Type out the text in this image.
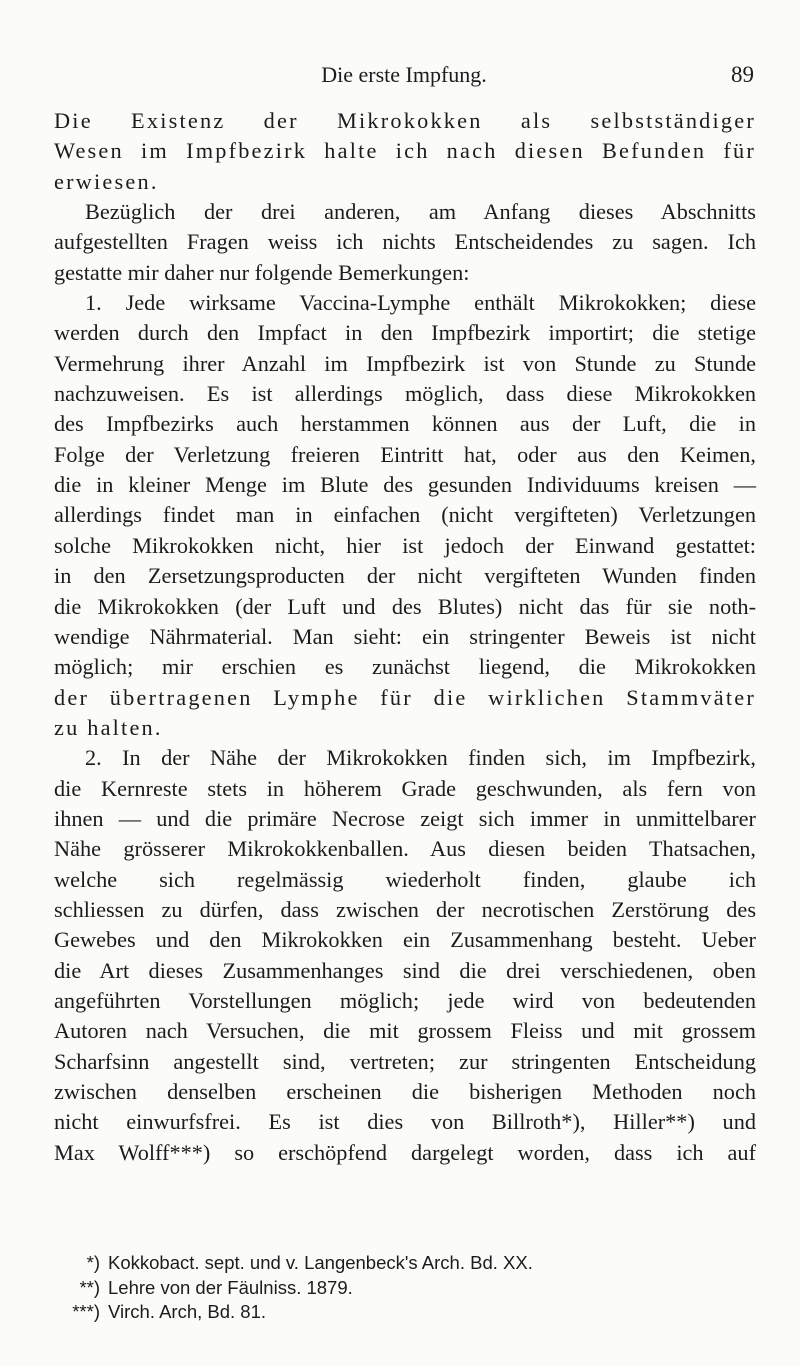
Die erste Impfung.	89
Die Existenz der Mikrokokken als selbstständiger
Wesen im Impfbezirk halte ich nach diesen Befunden für
erwiesen.
Bezüglich der drei anderen, am Anfang dieses Abschnitts
aufgestellten Fragen weiss ich nichts Entscheidendes zu sagen. Ich
gestatte mir daher nur folgende Bemerkungen:
1. Jede wirksame Vaccina-Lymphe enthält Mikrokokken; diese
werden durch den Impfact in den Impfbezirk importirt; die stetige
Vermehrung ihrer Anzahl im Impfbezirk ist von Stunde zu Stunde
nachzuweisen. Es ist allerdings möglich, dass diese Mikrokokken
des Impfbezirks auch herstammen können aus der Luft, die in
Folge der Verletzung freieren Eintritt hat, oder aus den Keimen,
die in kleiner Menge im Blute des gesunden Individuums kreisen —
allerdings findet man in einfachen (nicht vergifteten) Verletzungen
solche Mikrokokken nicht, hier ist jedoch der Einwand gestattet:
in den Zersetzungsproducten der nicht vergifteten Wunden finden
die Mikrokokken (der Luft und des Blutes) nicht das für sie noth-
wendige Nährmaterial. Man sieht: ein stringenter Beweis ist nicht
möglich; mir erschien es zunächst liegend, die Mikrokokken
der übertragenen Lymphe für die wirklichen Stammväter
zu halten.
2. In der Nähe der Mikrokokken finden sich, im Impfbezirk,
die Kernreste stets in höherem Grade geschwunden, als fern von
ihnen — und die primäre Necrose zeigt sich immer in unmittelbarer
Nähe grösserer Mikrokokkenballen. Aus diesen beiden Thatsachen,
welche sich regelmässig wiederholt finden, glaube ich
schliessen zu dürfen, dass zwischen der necrotischen Zerstörung des
Gewebes und den Mikrokokken ein Zusammenhang besteht. Ueber
die Art dieses Zusammenhanges sind die drei verschiedenen, oben
angeführten Vorstellungen möglich; jede wird von bedeutenden
Autoren nach Versuchen, die mit grossem Fleiss und mit grossem
Scharfsinn angestellt sind, vertreten; zur stringenten Entscheidung
zwischen denselben erscheinen die bisherigen Methoden noch
nicht einwurfsfrei. Es ist dies von Billroth*), Hiller**) und
Max Wolff***) so erschöpfend dargelegt worden, dass ich auf
*) Kokkobact. sept. und v. Langenbeck's Arch. Bd. XX.
**) Lehre von der Fäulniss. 1879.
***) Virch. Arch, Bd. 81.
